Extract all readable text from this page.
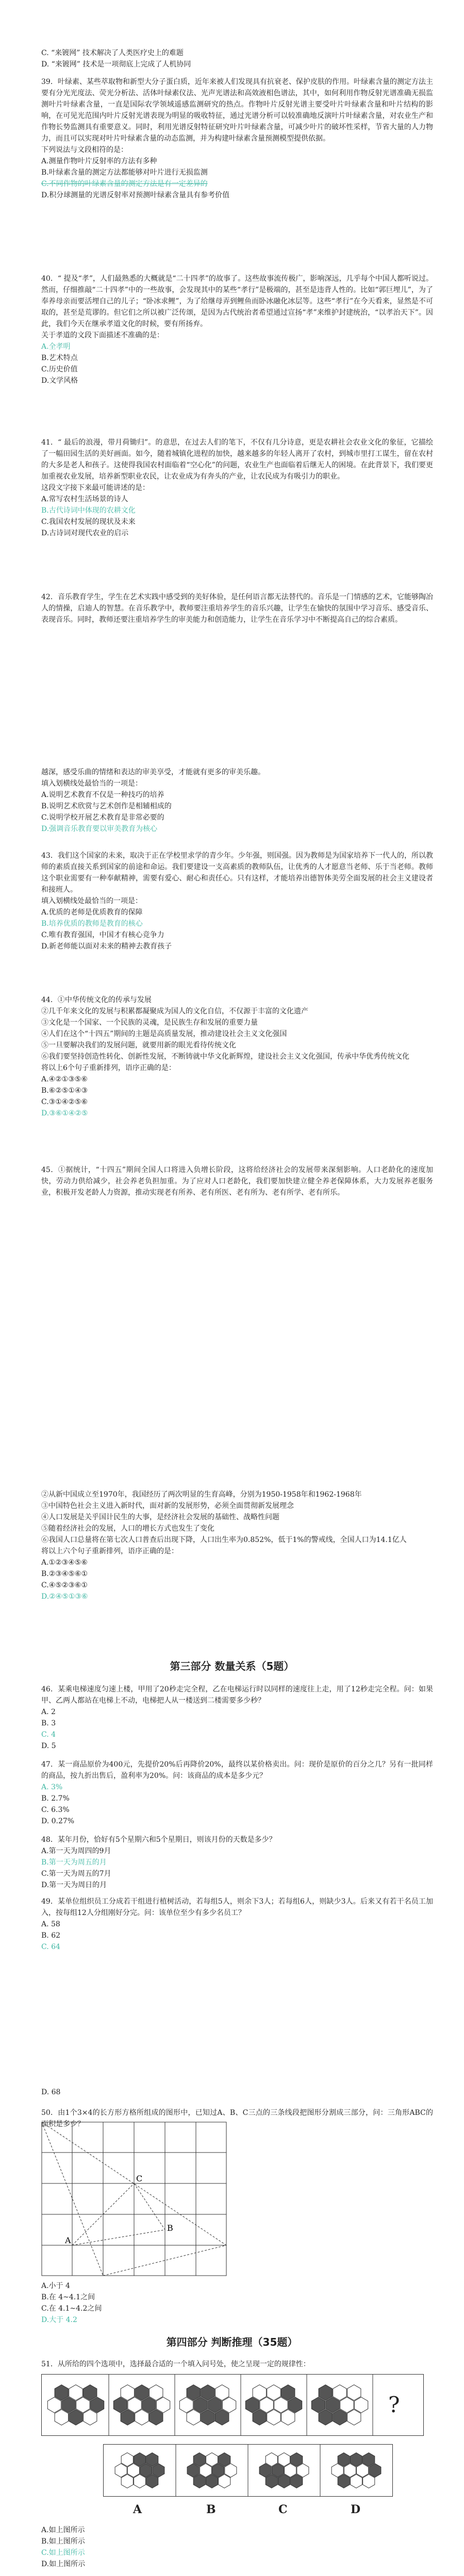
C. “来镀网” 技术解决了人类医疗史上的难题

D. “来镀网” 技术是一项彻底上完成了人机协同

39．叶绿素、某些萃取物和新型大分子蛋白质，近年来被人们发现具有抗衰老、保护皮肤的作用。叶绿素含量的测定方法主要有分光光度法、荧光分析法、活体叶绿素仪法、光声光谱法和高效液相色谱法，其中，如何利用作物反射光谱准确无损监测叶片叶绿素含量，一直是国际农学领域遥感监测研究的热点。作物叶片反射光谱主要受叶片叶绿素含量和叶片结构的影响，在可见光范围内叶片反射光谱表现为明显的吸收特征，通过光谱分析可以较准确地反演叶片叶绿素含量，对农业生产和作物长势监测具有重要意义。同时，利用光谱反射特征研究叶片叶绿素含量，可减少叶片的破坏性采样，节省大量的人力物力，而且可以实现对叶片叶绿素含量的动态监测，并为构建叶绿素含量预测模型提供依据。

下列说法与文段相符的是：

A.测量作物叶片反射率的方法有多种

B.叶绿素含量的测定方法都能够对叶片进行无损监测

C.不同作物的叶绿素含量的测定方法是有一定差异的

D.积分球测量的光谱反射率对预测叶绿素含量具有参考价值

40．“ 提及“孝”，人们最熟悉的大概就是“二十四孝”的故事了。这些故事流传极广，影响深远，几乎每个中国人都听说过。然而，仔细推敲“二十四孝”中的一些故事，会发现其中的某些“孝行”是极端的，甚至是违背人性的。比如“郭巨埋儿”，为了奉养母亲而要活埋自己的儿子；“卧冰求鲤”，为了给继母弄到鲤鱼而卧冰融化冰层等。这些“孝行”在今天看来，显然是不可取的，甚至是荒谬的。但它们之所以被广泛传颂，是因为古代统治者希望通过宣扬“孝”来维护封建统治，“以孝治天下”。因此，我们今天在继承孝道文化的时候，要有所扬弃。

关于孝道的文段下面描述不准确的是：

A.全孝明

B.艺术特点

C.历史价值

D.文学风格

41．“ 最后的浪漫，带月荷锄归”。的意思，在过去人们的笔下，不仅有几分诗意，更是农耕社会农业文化的象征，它描绘了一幅田园生活的美好画面。如今，随着城镇化进程的加快，越来越多的年轻人离开了农村，到城市里打工谋生，留在农村的大多是老人和孩子。这使得我国农村面临着“空心化”的问题，农业生产也面临着后继无人的困境。在此背景下，我们要更加重视农业发展，培养新型职业农民，让农业成为有奔头的产业，让农民成为有吸引力的职业。

这段文字接下来最可能讲述的是：

A.常写农村生活场景的诗人

B.古代诗词中体现的农耕文化

C.我国农村发展的现状及未来

D.古诗词对现代农业的启示

42．音乐教育学生，学生在艺术实践中感受到的美好体验，是任何语言都无法替代的。音乐是一门情感的艺术，它能够陶冶人的情操，启迪人的智慧。在音乐教学中，教师要注重培养学生的音乐兴趣，让学生在愉快的氛围中学习音乐、感受音乐、表现音乐。同时，教师还要注重培养学生的审美能力和创造能力，让学生在音乐学习中不断提高自己的综合素质。

越深，感受乐曲的情绪和表达的审美享受，才能就有更多的审美乐趣。

填入划横线处最恰当的一项是：

A.说明艺术教育不仅是一种技巧的培养

B.说明艺术欣赏与艺术创作是相辅相成的

C.说明学校开展艺术教育是非常必要的

D.强调音乐教育要以审美教育为核心

43．我们这个国家的未来，取决于正在学校里求学的青少年。少年强，则国强。因为教师是为国家培养下一代人的，所以教师的素质直接关系到国家的前途和命运。我们要建设一支高素质的教师队伍，让优秀的人才愿意当老师、乐于当老师。教师这个职业需要有一种奉献精神，需要有爱心、耐心和责任心。只有这样，才能培养出德智体美劳全面发展的社会主义建设者和接班人。

填入划横线处最恰当的一项是：

A.优质的老师是优质教育的保障

B.培养优质的教师是教育的核心

C.唯有教育强国，中国才有核心竞争力

D.新老师能以面对未来的精神去教育孩子

44．①中华传统文化的传承与发展

②几千年来文化的发展与积累都凝聚成为国人的文化自信，不仅源于丰富的文化遗产

③文化是一个国家、一个民族的灵魂，是民族生存和发展的重要力量

④人们在这个“十四五”期间的主题是高质量发展，推动建设社会主义文化强国

⑤一旦要解决我们的发展问题，就要用新的眼光看待传统文化

⑥我们要坚持创造性转化、创新性发展，不断铸就中华文化新辉煌，建设社会主义文化强国，传承中华优秀传统文化

将以上6个句子重新排列，语序正确的是：

A.④②①③⑤⑥

B.⑥②⑤①④③

C.③①④②⑤⑥

D.③⑥①④②⑤

45．①据统计，“十四五”期间全国人口将进入负增长阶段，这将给经济社会的发展带来深刻影响。人口老龄化的速度加快，劳动力供给减少，社会养老负担加重。为了应对人口老龄化，我们要加快建立健全养老保障体系，大力发展养老服务业，积极开发老龄人力资源，推动实现老有所养、老有所医、老有所为、老有所学、老有所乐。

②从新中国成立至1970年，我国经历了两次明显的生育高峰，分别为1950-1958年和1962-1968年

③中国特色社会主义进入新时代，面对新的发展形势，必须全面贯彻新发展理念

④人口发展是关乎国计民生的大事，是经济社会发展的基础性、战略性问题

⑤随着经济社会的发展，人口的增长方式也发生了变化

⑥我国人口总量将在第七次人口普查后出现下降，人口出生率为0.852%，低于1%的警戒线，全国人口为14.1亿人

将以上六个句子重新排列，语序正确的是：

A.①②③④⑤⑥

B.②③④⑤⑥①

C.④⑤②③⑥①

D.②④⑤①③⑥

第三部分 数量关系（5题）

46．某乘电梯速度匀速上楼，甲用了20秒走完全程，乙在电梯运行时以同样的速度往上走，用了12秒走完全程。问：如果甲、乙两人都站在电梯上不动，电梯把人从一楼送到二楼需要多少秒？

A. 2

B. 3

C. 4

D. 5

47．某一商品原价为400元，先提价20%后再降价20%，最终以某价格卖出。问：现价是原价的百分之几？另有一批同样的商品，按九折出售后，盈利率为20%。问：该商品的成本是多少元？

A. 3%

B. 2.7%

C. 6.3%

D. 0.27%

48．某年月份，恰好有5个星期六和5个星期日，则该月份的天数是多少？

A.第一天为周四的9月

B.第一天为周五的月

C.第一天为周五的7月

D.第一天为周日的月

49．某单位组织员工分成若干组进行植树活动，若每组5人，则余下3人；若每组6人，则缺少3人。后来又有若干名员工加入，按每组12人分组刚好分完。问：该单位至少有多少名员工？

A. 58

B. 62

C. 64

D. 68

50．由1个3×4的长方形方格所组成的图形中，已知过A、B、C三点的三条线段把图形分割成三部分，问：三角形ABC的面积是多少？

A
B
C

A.小于 4

B.在 4~4.1之间

C.在 4.1~4.2之间

D.大于 4.2

第四部分 判断推理（35题）

51．从所给的四个选项中，选择最合适的一个填入问号处，使之呈现一定的规律性：

?
A	B	C	D

A.如上图所示

B.如上图所示

C.如上图所示

D.如上图所示
